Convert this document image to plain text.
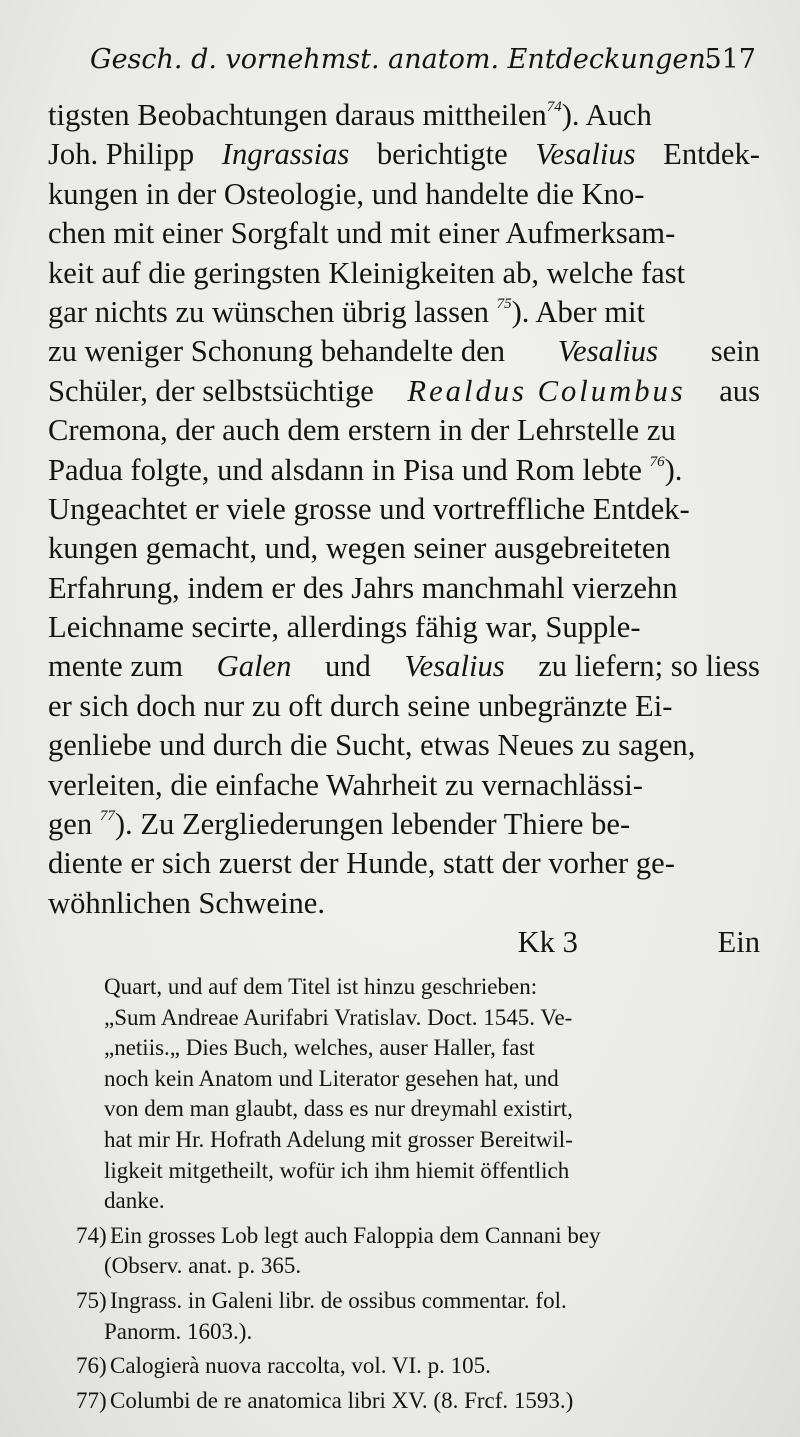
Gesch. d. vornehmst. anatom. Entdeckungen.
517
tigsten Beobachtungen daraus mittheilen$^{74}$). Auch
Joh. Philipp Ingrassias berichtigte Vesalius Entdek-
kungen in der Osteologie, und handelte die Kno-
chen mit einer Sorgfalt und mit einer Aufmerksam-
keit auf die geringsten Kleinigkeiten ab, welche fast
gar nichts zu wünschen übrig lassen $^{75}$). Aber mit
zu weniger Schonung behandelte den Vesalius sein
Schüler, der selbstsüchtige Realdus Columbus aus
Cremona, der auch dem erstern in der Lehrstelle zu
Padua folgte, und alsdann in Pisa und Rom lebte $^{76}$).
Ungeachtet er viele grosse und vortreffliche Entdek-
kungen gemacht, und, wegen seiner ausgebreiteten
Erfahrung, indem er des Jahrs manchmahl vierzehn
Leichname secirte, allerdings fähig war, Supple-
mente zum Galen und Vesalius zu liefern; so liess
er sich doch nur zu oft durch seine unbegränzte Ei-
genliebe und durch die Sucht, etwas Neues zu sagen,
verleiten, die einfache Wahrheit zu vernachlässi-
gen $^{77}$). Zu Zergliederungen lebender Thiere be-
diente er sich zuerst der Hunde, statt der vorher ge-
wöhnlichen Schweine.
Kk 3	Ein
Quart, und auf dem Titel ist hinzu geschrieben:
„Sum Andreae Aurifabri Vratislav. Doct. 1545. Ve-
„netiis.„ Dies Buch, welches, auser Haller, fast
noch kein Anatom und Literator gesehen hat, und
von dem man glaubt, dass es nur dreymahl existirt,
hat mir Hr. Hofrath Adelung mit grosser Bereitwil-
ligkeit mitgetheilt, wofür ich ihm hiemit öffentlich
danke.
74) Ein grosses Lob legt auch Faloppia dem Cannani bey
(Observ. anat. p. 365.
75) Ingrass. in Galeni libr. de ossibus commentar. fol.
Panorm. 1603.).
76) Calogierà nuova raccolta, vol. VI. p. 105.
77) Columbi de re anatomica libri XV. (8. Frcf. 1593.)
